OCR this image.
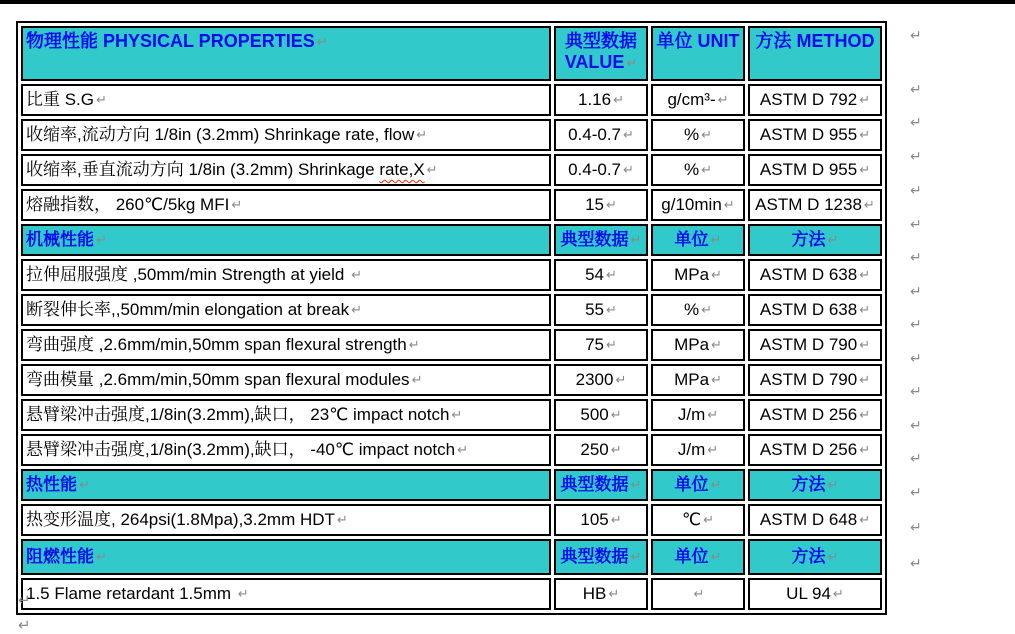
物理性能 PHYSICAL PROPERTIES ↵	典型数据 VALUE ↵	单位 UNIT	方法 METHOD
比重 S.G ↵	1.16 ↵	g/cm³- ↵	ASTM D 792 ↵
收缩率,流动方向 1/8in (3.2mm) Shrinkage rate, flow ↵	0.4-0.7 ↵	% ↵	ASTM D 955 ↵
收缩率,垂直流动方向 1/8in (3.2mm) Shrinkage rate,X ↵	0.4-0.7 ↵	% ↵	ASTM D 955 ↵
熔融指数， 260℃/5kg MFI ↵	15 ↵	g/10min ↵	ASTM D 1238 ↵
机械性能 ↵	典型数据 ↵	单位 ↵	方法 ↵
拉伸屈服强度 ,50mm/min Strength at yield ↵	54 ↵	MPa ↵	ASTM D 638 ↵
断裂伸长率,,50mm/min elongation at break ↵	55 ↵	% ↵	ASTM D 638 ↵
弯曲强度 ,2.6mm/min,50mm span flexural strength ↵	75 ↵	MPa ↵	ASTM D 790 ↵
弯曲模量 ,2.6mm/min,50mm span flexural modules ↵	2300 ↵	MPa ↵	ASTM D 790 ↵
悬臂梁冲击强度,1/8in(3.2mm),缺口， 23℃ impact notch ↵	500 ↵	J/m ↵	ASTM D 256 ↵
悬臂梁冲击强度,1/8in(3.2mm),缺口， -40℃ impact notch ↵	250 ↵	J/m ↵	ASTM D 256 ↵
热性能 ↵	典型数据 ↵	单位 ↵	方法 ↵
热变形温度, 264psi(1.8Mpa),3.2mm HDT ↵	105 ↵	℃ ↵	ASTM D 648 ↵
阻燃性能 ↵	典型数据 ↵	单位 ↵	方法 ↵
1.5 Flame retardant 1.5mm ↵	HB ↵	↵	UL 94 ↵
↵
↵
↵
↵
↵
↵
↵
↵
↵
↵
↵
↵
↵
↵
↵
↵
↵
↵
